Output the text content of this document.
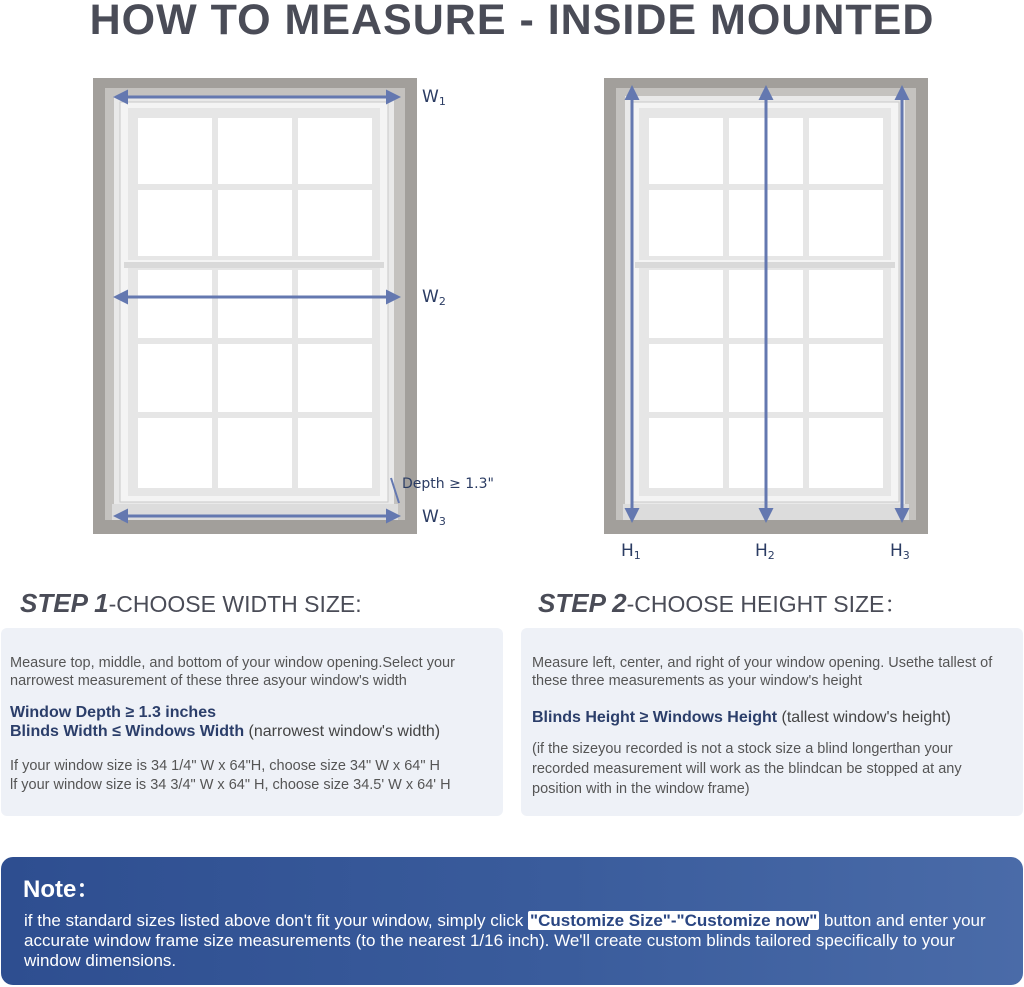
HOW TO MEASURE - INSIDE MOUNTED
W1
W2
W3
Depth ≥ 1.3"
H1	H2	H3
STEP 1-CHOOSE WIDTH SIZE:

Measure top, middle, and bottom of your window opening.Select your narrowest measurement of these three asyour window's width

Window Depth ≥ 1.3 inches

Blinds Width ≤ Windows Width (narrowest window's width)

If your window size is 34 1/4" W x 64"H, choose size 34" W x 64" H

lf your window size is 34 3/4" W x 64" H, choose size 34.5' W x 64' H

STEP 2-CHOOSE HEIGHT SIZE：

Measure left, center, and right of your window opening. Usethe tallest of these three measurements as your window's height

Blinds Height ≥ Windows Height (tallest window's height)

(if the sizeyou recorded is not a stock size a blind longerthan your recorded measurement will work as the blindcan be stopped at any position with in the window frame)

Note：
if the standard sizes listed above don't fit your window, simply click "Customize Size"-"Customize now" button and enter your accurate window frame size measurements (to the nearest 1/16 inch). We'll create custom blinds tailored specifically to your window dimensions.
